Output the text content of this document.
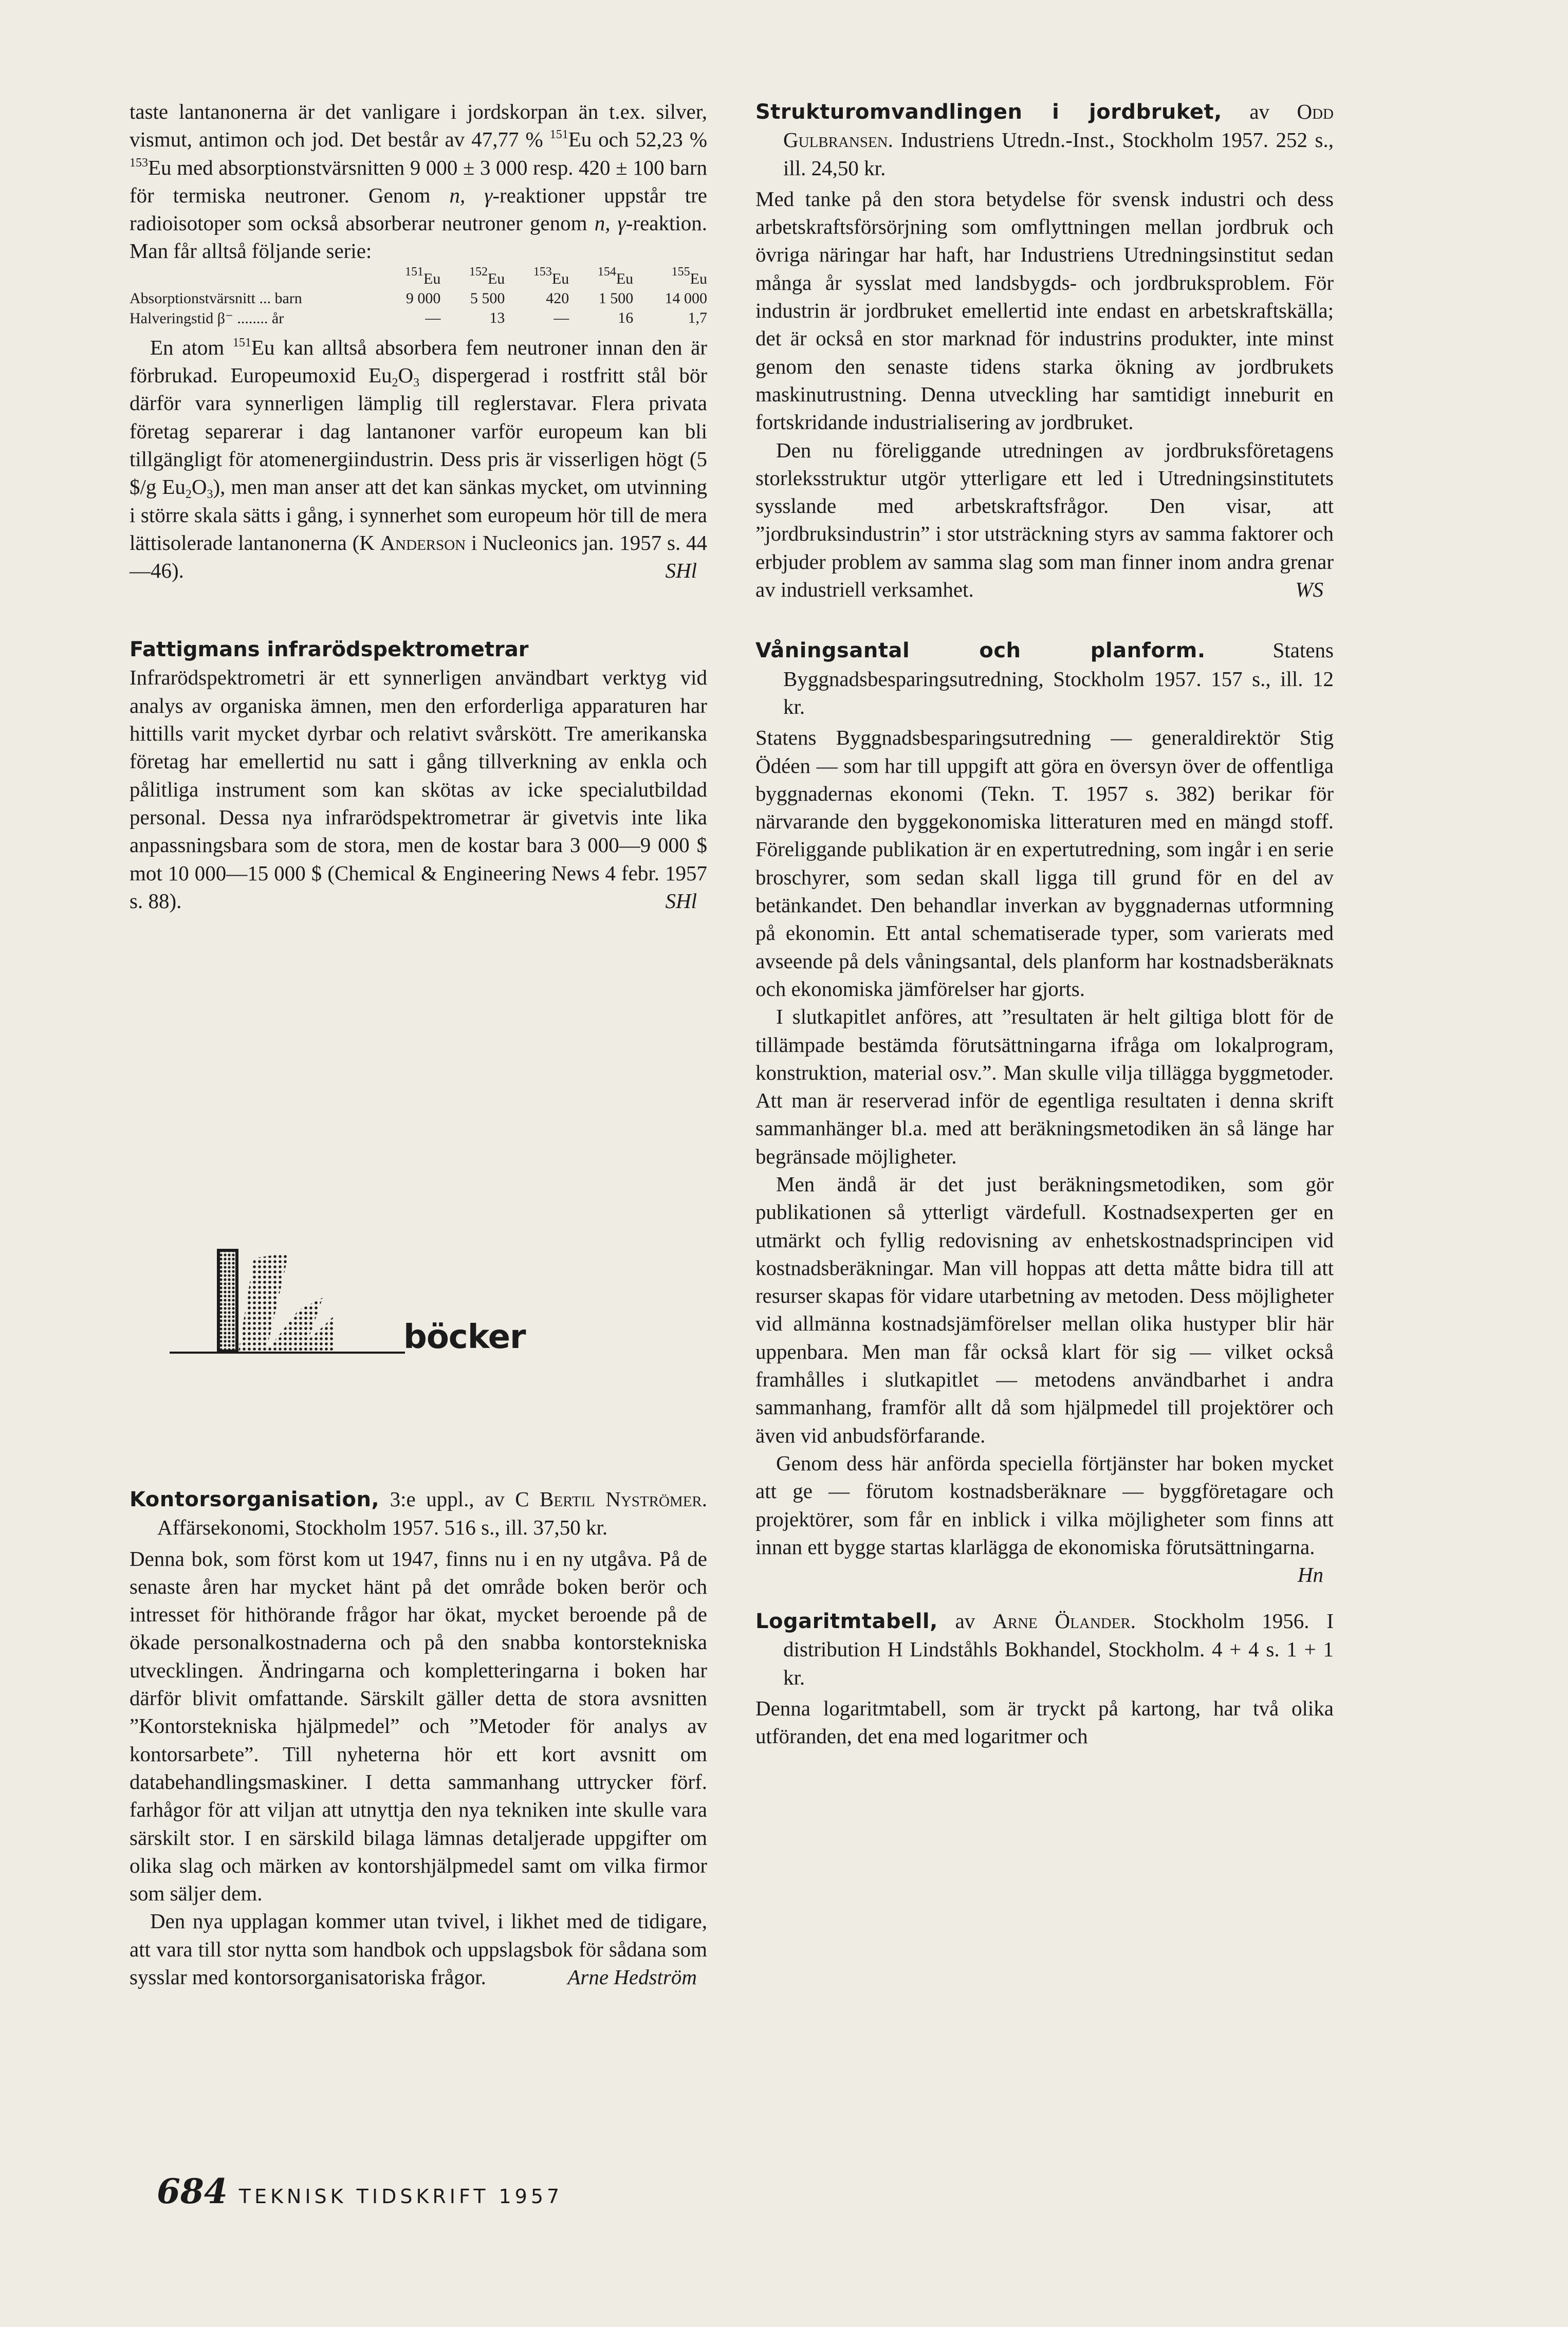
taste lantanonerna är det vanligare i jordskorpan än t.ex. silver, vismut, antimon och jod. Det består av 47,77 % $^{151}$Eu och 52,23 % $^{153}$Eu med absorptionstvärsnitten 9 000 ± 3 000 resp. 420 ± 100 barn för termiska neutroner. Genom n, γ-reaktioner uppstår tre radioisotoper som också absorberar neutroner genom n, γ-reaktion. Man får alltså följande serie:

	$^{151}$Eu	$^{152}$Eu	$^{153}$Eu	$^{154}$Eu	$^{155}$Eu
Absorptionstvärsnitt ... barn	9 000	5 500	420	1 500	14 000
Halveringstid β⁻ ........ år	—	13	—	16	1,7

En atom $^{151}$Eu kan alltså absorbera fem neutroner innan den är förbrukad. Europeumoxid $Eu_2O_3$ dispergerad i rostfritt stål bör därför vara synnerligen lämplig till reglerstavar. Flera privata företag separerar i dag lantanoner varför europeum kan bli tillgängligt för atomenergiindustrin. Dess pris är visserligen högt (5 $/g $Eu_2O_3$), men man anser att det kan sänkas mycket, om utvinning i större skala sätts i gång, i synnerhet som europeum hör till de mera lättisolerade lantanonerna (K Anderson i Nucleonics jan. 1957 s. 44—46).	SHl

Fattigmans infrarödspektrometrar

Infrarödspektrometri är ett synnerligen användbart verktyg vid analys av organiska ämnen, men den erforderliga apparaturen har hittills varit mycket dyrbar och relativt svårskött. Tre amerikanska företag har emellertid nu satt i gång tillverkning av enkla och pålitliga instrument som kan skötas av icke specialutbildad personal. Dessa nya infrarödspektrometrar är givetvis inte lika anpassningsbara som de stora, men de kostar bara 3 000—9 000 $ mot 10 000—15 000 $ (Chemical & Engineering News 4 febr. 1957 s. 88).	SHl

böcker

Kontorsorganisation, 3:e uppl., av C Bertil Nyströmer. Affärsekonomi, Stockholm 1957. 516 s., ill. 37,50 kr.

Denna bok, som först kom ut 1947, finns nu i en ny utgåva. På de senaste åren har mycket hänt på det område boken berör och intresset för hithörande frågor har ökat, mycket beroende på de ökade personalkostnaderna och på den snabba kontorstekniska utvecklingen. Ändringarna och kompletteringarna i boken har därför blivit omfattande. Särskilt gäller detta de stora avsnitten ”Kontorstekniska hjälpmedel” och ”Metoder för analys av kontorsarbete”. Till nyheterna hör ett kort avsnitt om databehandlingsmaskiner. I detta sammanhang uttrycker förf. farhågor för att viljan att utnyttja den nya tekniken inte skulle vara särskilt stor. I en särskild bilaga lämnas detaljerade uppgifter om olika slag och märken av kontorshjälpmedel samt om vilka firmor som säljer dem.

Den nya upplagan kommer utan tvivel, i likhet med de tidigare, att vara till stor nytta som handbok och uppslagsbok för sådana som sysslar med kontorsorganisatoriska frågor.	Arne Hedström

Strukturomvandlingen i jordbruket, av Odd Gulbransen. Industriens Utredn.-Inst., Stockholm 1957. 252 s., ill. 24,50 kr.

Med tanke på den stora betydelse för svensk industri och dess arbetskraftsförsörjning som omflyttningen mellan jordbruk och övriga näringar har haft, har Industriens Utredningsinstitut sedan många år sysslat med landsbygds- och jordbruksproblem. För industrin är jordbruket emellertid inte endast en arbetskraftskälla; det är också en stor marknad för industrins produkter, inte minst genom den senaste tidens starka ökning av jordbrukets maskinutrustning. Denna utveckling har samtidigt inneburit en fortskridande industrialisering av jordbruket.

Den nu föreliggande utredningen av jordbruksföretagens storleksstruktur utgör ytterligare ett led i Utredningsinstitutets sysslande med arbetskraftsfrågor. Den visar, att ”jordbruksindustrin” i stor utsträckning styrs av samma faktorer och erbjuder problem av samma slag som man finner inom andra grenar av industriell verksamhet.	WS

Våningsantal och planform. Statens Byggnadsbesparingsutredning, Stockholm 1957. 157 s., ill. 12 kr.

Statens Byggnadsbesparingsutredning — generaldirektör Stig Ödéen — som har till uppgift att göra en översyn över de offentliga byggnadernas ekonomi (Tekn. T. 1957 s. 382) berikar för närvarande den byggekonomiska litteraturen med en mängd stoff. Föreliggande publikation är en expertutredning, som ingår i en serie broschyrer, som sedan skall ligga till grund för en del av betänkandet. Den behandlar inverkan av byggnadernas utformning på ekonomin. Ett antal schematiserade typer, som varierats med avseende på dels våningsantal, dels planform har kostnadsberäknats och ekonomiska jämförelser har gjorts.

I slutkapitlet anföres, att ”resultaten är helt giltiga blott för de tillämpade bestämda förutsättningarna ifråga om lokalprogram, konstruktion, material osv.”. Man skulle vilja tillägga byggmetoder. Att man är reserverad inför de egentliga resultaten i denna skrift sammanhänger bl.a. med att beräkningsmetodiken än så länge har begränsade möjligheter.

Men ändå är det just beräkningsmetodiken, som gör publikationen så ytterligt värdefull. Kostnadsexperten ger en utmärkt och fyllig redovisning av enhetskostnadsprincipen vid kostnadsberäkningar. Man vill hoppas att detta måtte bidra till att resurser skapas för vidare utarbetning av metoden. Dess möjligheter vid allmänna kostnadsjämförelser mellan olika hustyper blir här uppenbara. Men man får också klart för sig — vilket också framhålles i slutkapitlet — metodens användbarhet i andra sammanhang, framför allt då som hjälpmedel till projektörer och även vid anbudsförfarande.

Genom dess här anförda speciella förtjänster har boken mycket att ge — förutom kostnadsberäknare — byggföretagare och projektörer, som får en inblick i vilka möjligheter som finns att innan ett bygge startas klarlägga de ekonomiska förutsättningarna.
Hn

Logaritmtabell, av Arne Ölander. Stockholm 1956. I distribution H Lindståhls Bokhandel, Stockholm. 4 + 4 s. 1 + 1 kr.

Denna logaritmtabell, som är tryckt på kartong, har två olika utföranden, det ena med logaritmer och

684 TEKNISK TIDSKRIFT 1957
